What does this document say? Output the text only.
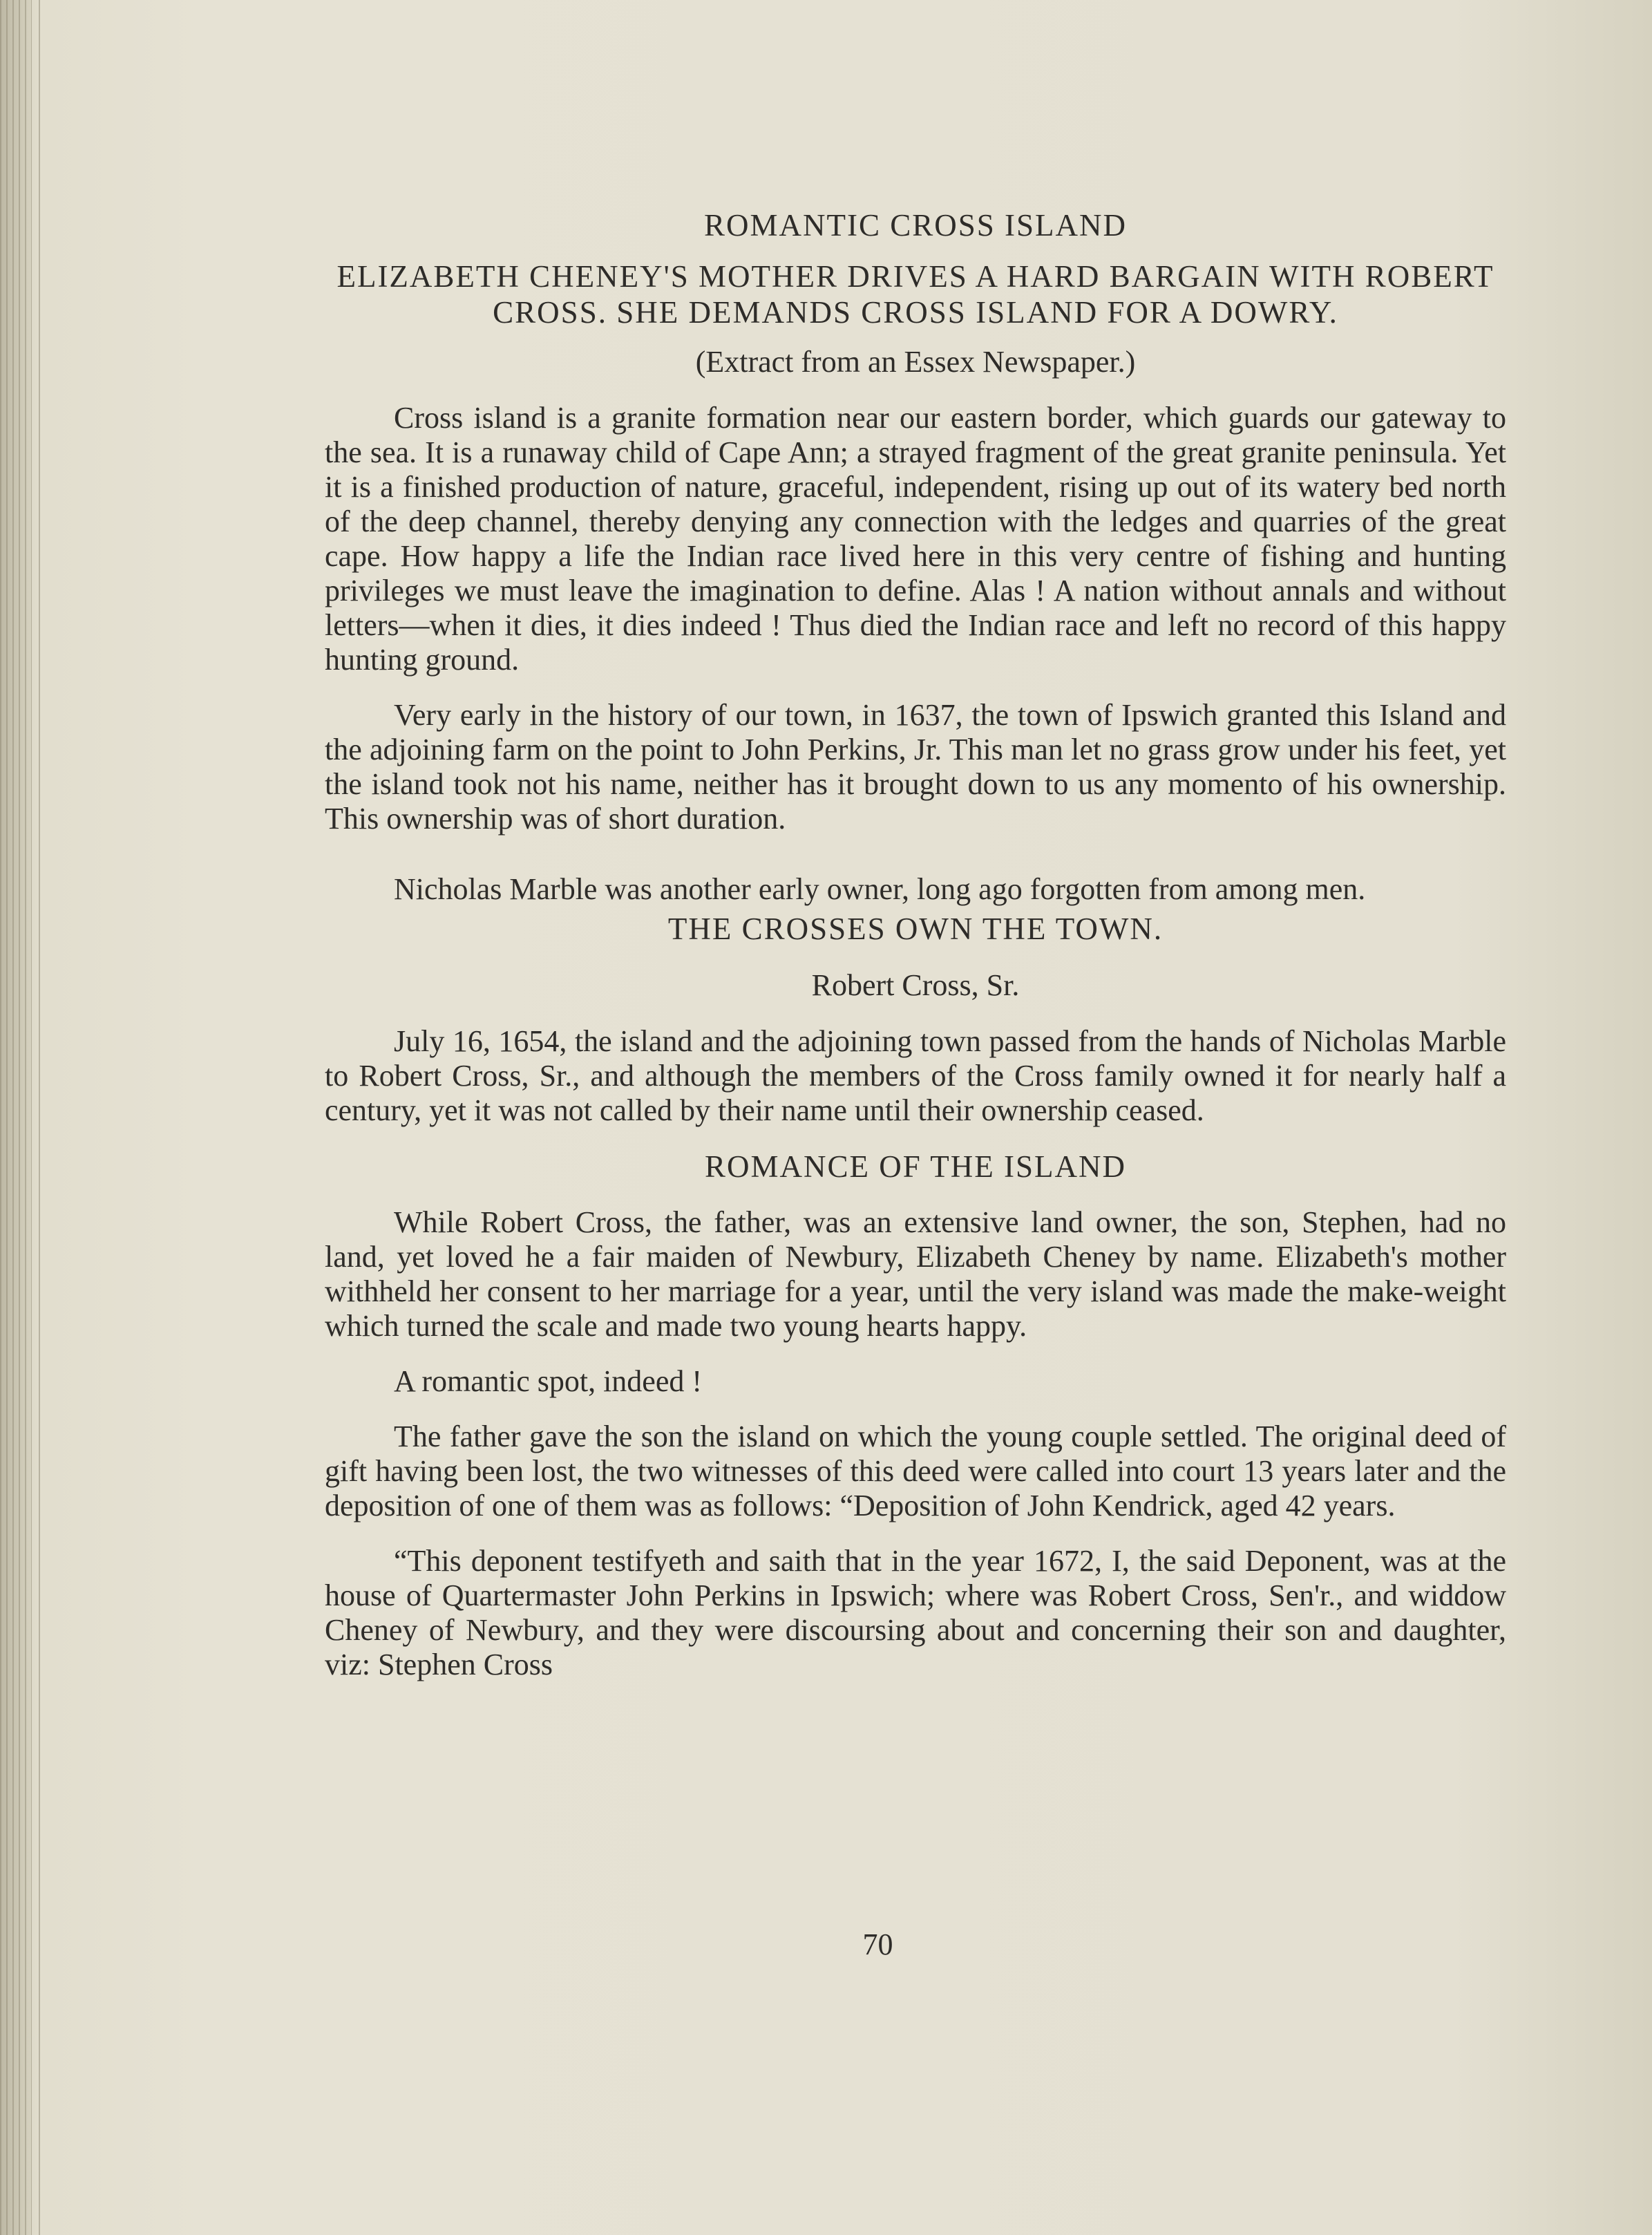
ROMANTIC CROSS ISLAND
ELIZABETH CHENEY'S MOTHER DRIVES A HARD BARGAIN WITH ROBERT CROSS. SHE DEMANDS CROSS ISLAND FOR A DOWRY.
(Extract from an Essex Newspaper.)

Cross island is a granite formation near our eastern border, which guards our gateway to the sea. It is a runaway child of Cape Ann; a strayed fragment of the great granite peninsula. Yet it is a finished production of nature, graceful, independent, rising up out of its watery bed north of the deep channel, thereby denying any connection with the ledges and quarries of the great cape. How happy a life the Indian race lived here in this very centre of fishing and hunting privileges we must leave the imagination to define. Alas ! A nation without annals and without letters—when it dies, it dies indeed ! Thus died the Indian race and left no record of this happy hunting ground.

Very early in the history of our town, in 1637, the town of Ipswich granted this Island and the adjoining farm on the point to John Perkins, Jr. This man let no grass grow under his feet, yet the island took not his name, neither has it brought down to us any momento of his ownership. This ownership was of short duration.

Nicholas Marble was another early owner, long ago forgotten from among men.

THE CROSSES OWN THE TOWN.
Robert Cross, Sr.

July 16, 1654, the island and the adjoining town passed from the hands of Nicholas Marble to Robert Cross, Sr., and although the members of the Cross family owned it for nearly half a century, yet it was not called by their name until their ownership ceased.

ROMANCE OF THE ISLAND

While Robert Cross, the father, was an extensive land owner, the son, Stephen, had no land, yet loved he a fair maiden of Newbury, Elizabeth Cheney by name. Elizabeth's mother withheld her consent to her marriage for a year, until the very island was made the make-weight which turned the scale and made two young hearts happy.

A romantic spot, indeed !

The father gave the son the island on which the young couple settled. The original deed of gift having been lost, the two witnesses of this deed were called into court 13 years later and the deposition of one of them was as follows: “Deposition of John Kendrick, aged 42 years.

“This deponent testifyeth and saith that in the year 1672, I, the said Deponent, was at the house of Quartermaster John Perkins in Ipswich; where was Robert Cross, Sen'r., and widdow Cheney of Newbury, and they were discoursing about and concerning their son and daughter, viz: Stephen Cross

70
